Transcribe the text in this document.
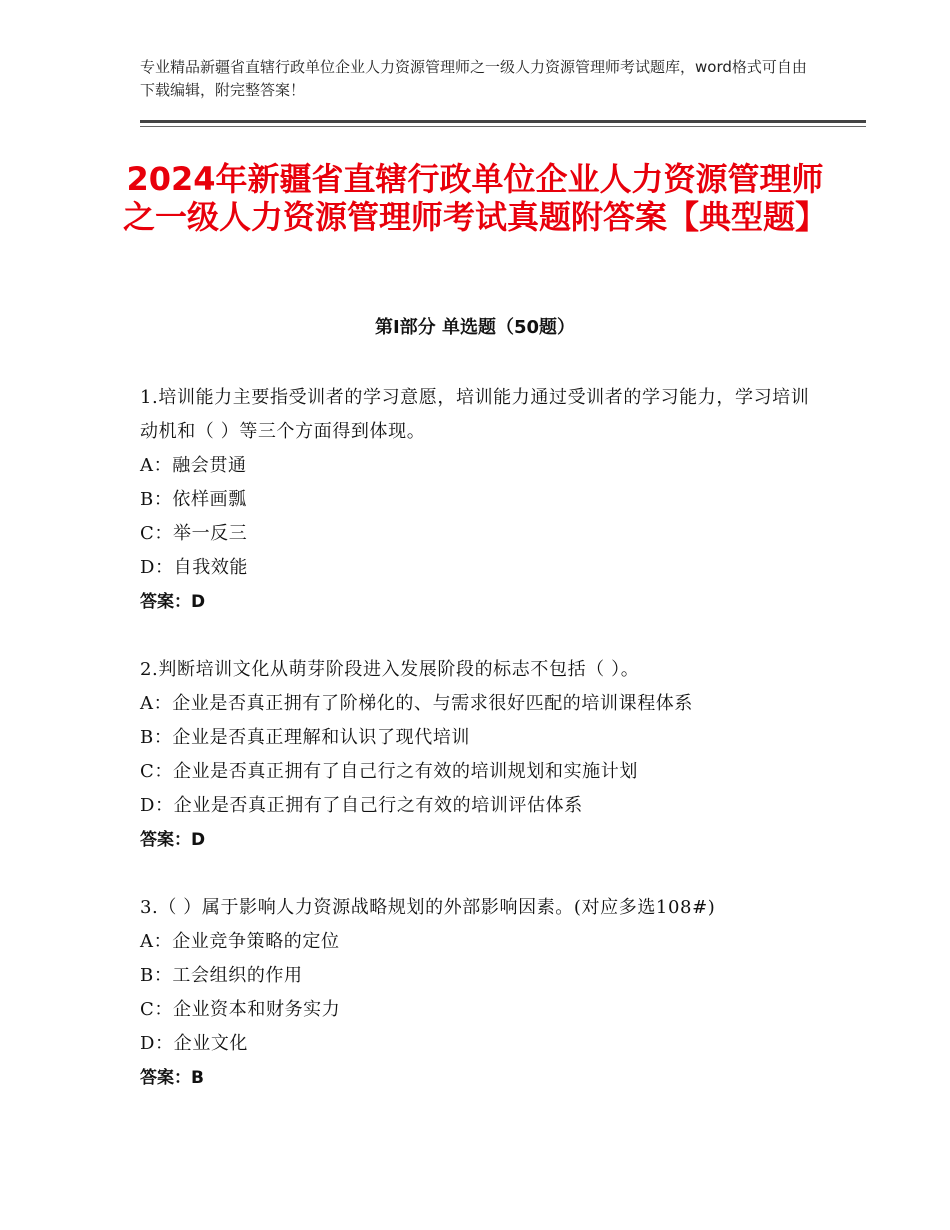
专业精品新疆省直辖行政单位企业人力资源管理师之一级人力资源管理师考试题库，word格式可自由下载编辑，附完整答案！
2024年新疆省直辖行政单位企业人力资源管理师之一级人力资源管理师考试真题附答案【典型题】
第Ⅰ部分 单选题（50题）
1.培训能力主要指受训者的学习意愿，培训能力通过受训者的学习能力，学习培训动机和（ ）等三个方面得到体现。
A：融会贯通
B：依样画瓢
C：举一反三
D：自我效能
答案：D
2.判断培训文化从萌芽阶段进入发展阶段的标志不包括（ ）。
A：企业是否真正拥有了阶梯化的、与需求很好匹配的培训课程体系
B：企业是否真正理解和认识了现代培训
C：企业是否真正拥有了自己行之有效的培训规划和实施计划
D：企业是否真正拥有了自己行之有效的培训评估体系
答案：D
3.（ ）属于影响人力资源战略规划的外部影响因素。(对应多选108#)
A：企业竞争策略的定位
B：工会组织的作用
C：企业资本和财务实力
D：企业文化
答案：B
